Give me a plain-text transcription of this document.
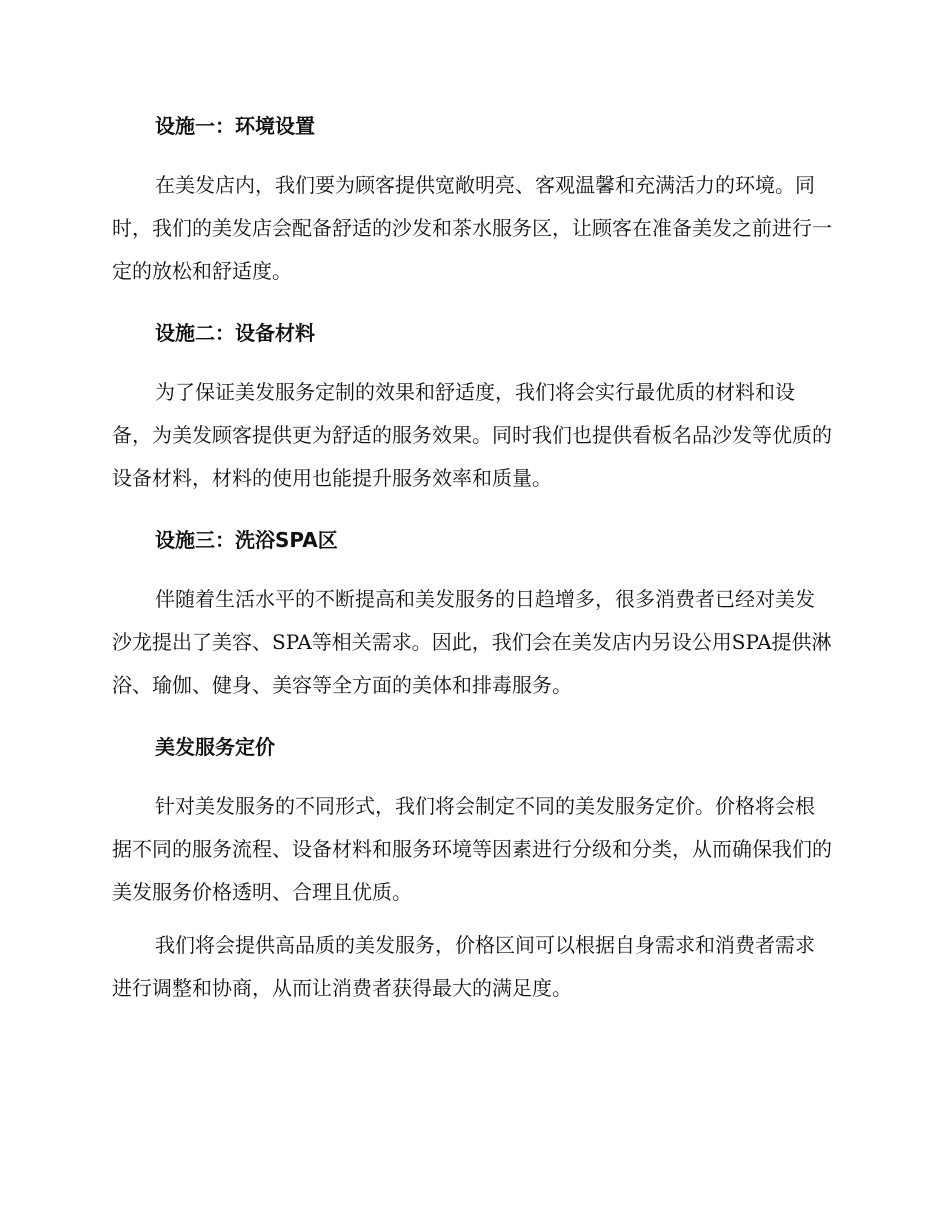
设施一：环境设置

在美发店内，我们要为顾客提供宽敞明亮、客观温馨和充满活力的环境。同时，我们的美发店会配备舒适的沙发和茶水服务区，让顾客在准备美发之前进行一定的放松和舒适度。

设施二：设备材料

为了保证美发服务定制的效果和舒适度，我们将会实行最优质的材料和设备，为美发顾客提供更为舒适的服务效果。同时我们也提供看板名品沙发等优质的设备材料，材料的使用也能提升服务效率和质量。

设施三：洗浴SPA区

伴随着生活水平的不断提高和美发服务的日趋增多，很多消费者已经对美发沙龙提出了美容、SPA等相关需求。因此，我们会在美发店内另设公用SPA提供淋浴、瑜伽、健身、美容等全方面的美体和排毒服务。

美发服务定价

针对美发服务的不同形式，我们将会制定不同的美发服务定价。价格将会根据不同的服务流程、设备材料和服务环境等因素进行分级和分类，从而确保我们的美发服务价格透明、合理且优质。

我们将会提供高品质的美发服务，价格区间可以根据自身需求和消费者需求进行调整和协商，从而让消费者获得最大的满足度。
